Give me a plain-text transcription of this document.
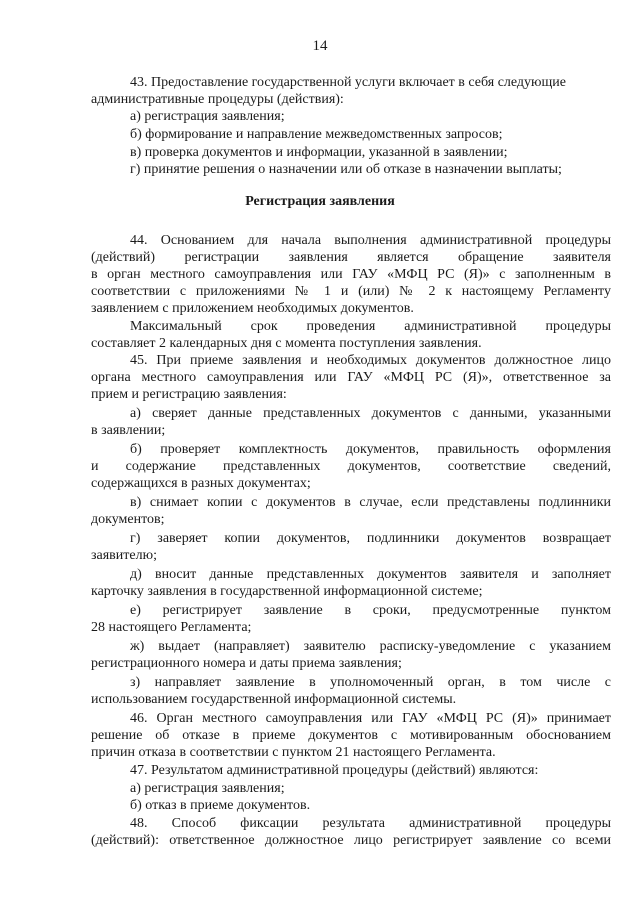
14
43. Предоставление государственной услуги включает в себя следующие
административные процедуры (действия):
а) регистрация заявления;
б) формирование и направление межведомственных запросов;
в) проверка документов и информации, указанной в заявлении;
г) принятие решения о назначении или об отказе в назначении выплаты;
Регистрация заявления
44. Основанием для начала выполнения административной процедуры
(действий) регистрации заявления является обращение заявителя
в орган местного самоуправления или ГАУ «МФЦ РС (Я)» с заполненным в
соответствии с приложениями № 1 и (или) № 2 к настоящему Регламенту
заявлением с приложением необходимых документов.
Максимальный срок проведения административной процедуры
составляет 2 календарных дня с момента поступления заявления.
45. При приеме заявления и необходимых документов должностное лицо
органа местного самоуправления или ГАУ «МФЦ РС (Я)», ответственное за
прием и регистрацию заявления:
а) сверяет данные представленных документов с данными, указанными
в заявлении;
б) проверяет комплектность документов, правильность оформления
и содержание представленных документов, соответствие сведений,
содержащихся в разных документах;
в) снимает копии с документов в случае, если представлены подлинники
документов;
г) заверяет копии документов, подлинники документов возвращает
заявителю;
д) вносит данные представленных документов заявителя и заполняет
карточку заявления в государственной информационной системе;
е) регистрирует заявление в сроки, предусмотренные пунктом
28 настоящего Регламента;
ж) выдает (направляет) заявителю расписку-уведомление с указанием
регистрационного номера и даты приема заявления;
з) направляет заявление в уполномоченный орган, в том числе с
использованием государственной информационной системы.
46. Орган местного самоуправления или ГАУ «МФЦ РС (Я)» принимает
решение об отказе в приеме документов с мотивированным обоснованием
причин отказа в соответствии с пунктом 21 настоящего Регламента.
47. Результатом административной процедуры (действий) являются:
а) регистрация заявления;
б) отказ в приеме документов.
48. Способ фиксации результата административной процедуры
(действий): ответственное должностное лицо регистрирует заявление со всеми
